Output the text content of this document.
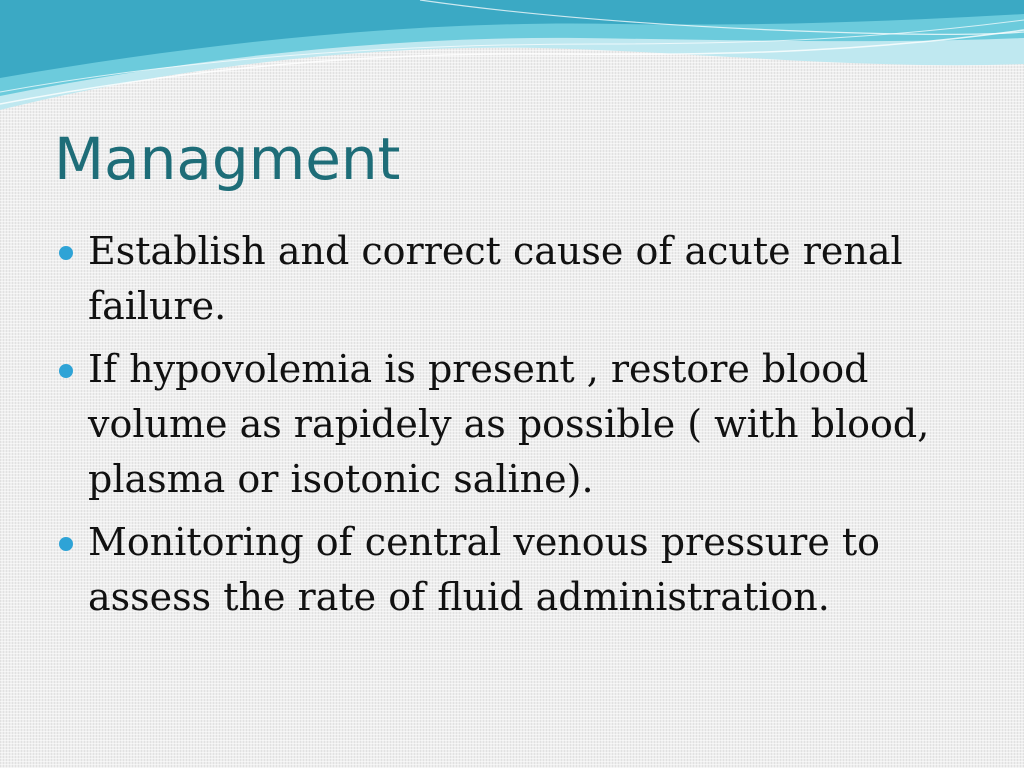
Managment
Establish and correct cause of acute renal failure.
If hypovolemia is present , restore blood volume as rapidely as possible ( with blood, plasma or isotonic saline).
Monitoring of central venous pressure to assess the rate of fluid administration.
